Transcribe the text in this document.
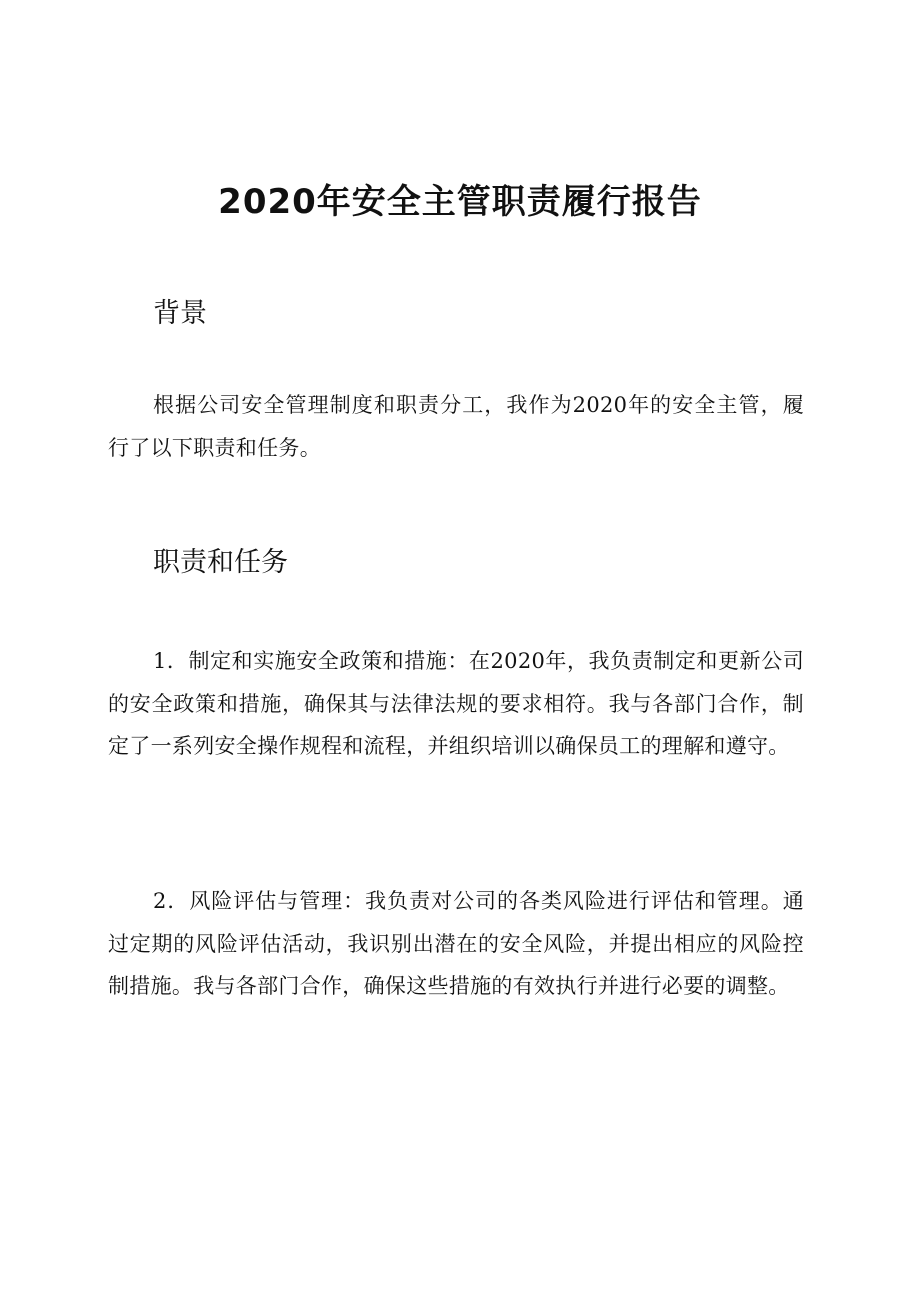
2020年安全主管职责履行报告
背景

根据公司安全管理制度和职责分工，我作为2020年的安全主管，履行了以下职责和任务。

职责和任务

1．制定和实施安全政策和措施：在2020年，我负责制定和更新公司的安全政策和措施，确保其与法律法规的要求相符。我与各部门合作，制定了一系列安全操作规程和流程，并组织培训以确保员工的理解和遵守。

2．风险评估与管理：我负责对公司的各类风险进行评估和管理。通过定期的风险评估活动，我识别出潜在的安全风险，并提出相应的风险控制措施。我与各部门合作，确保这些措施的有效执行并进行必要的调整。
